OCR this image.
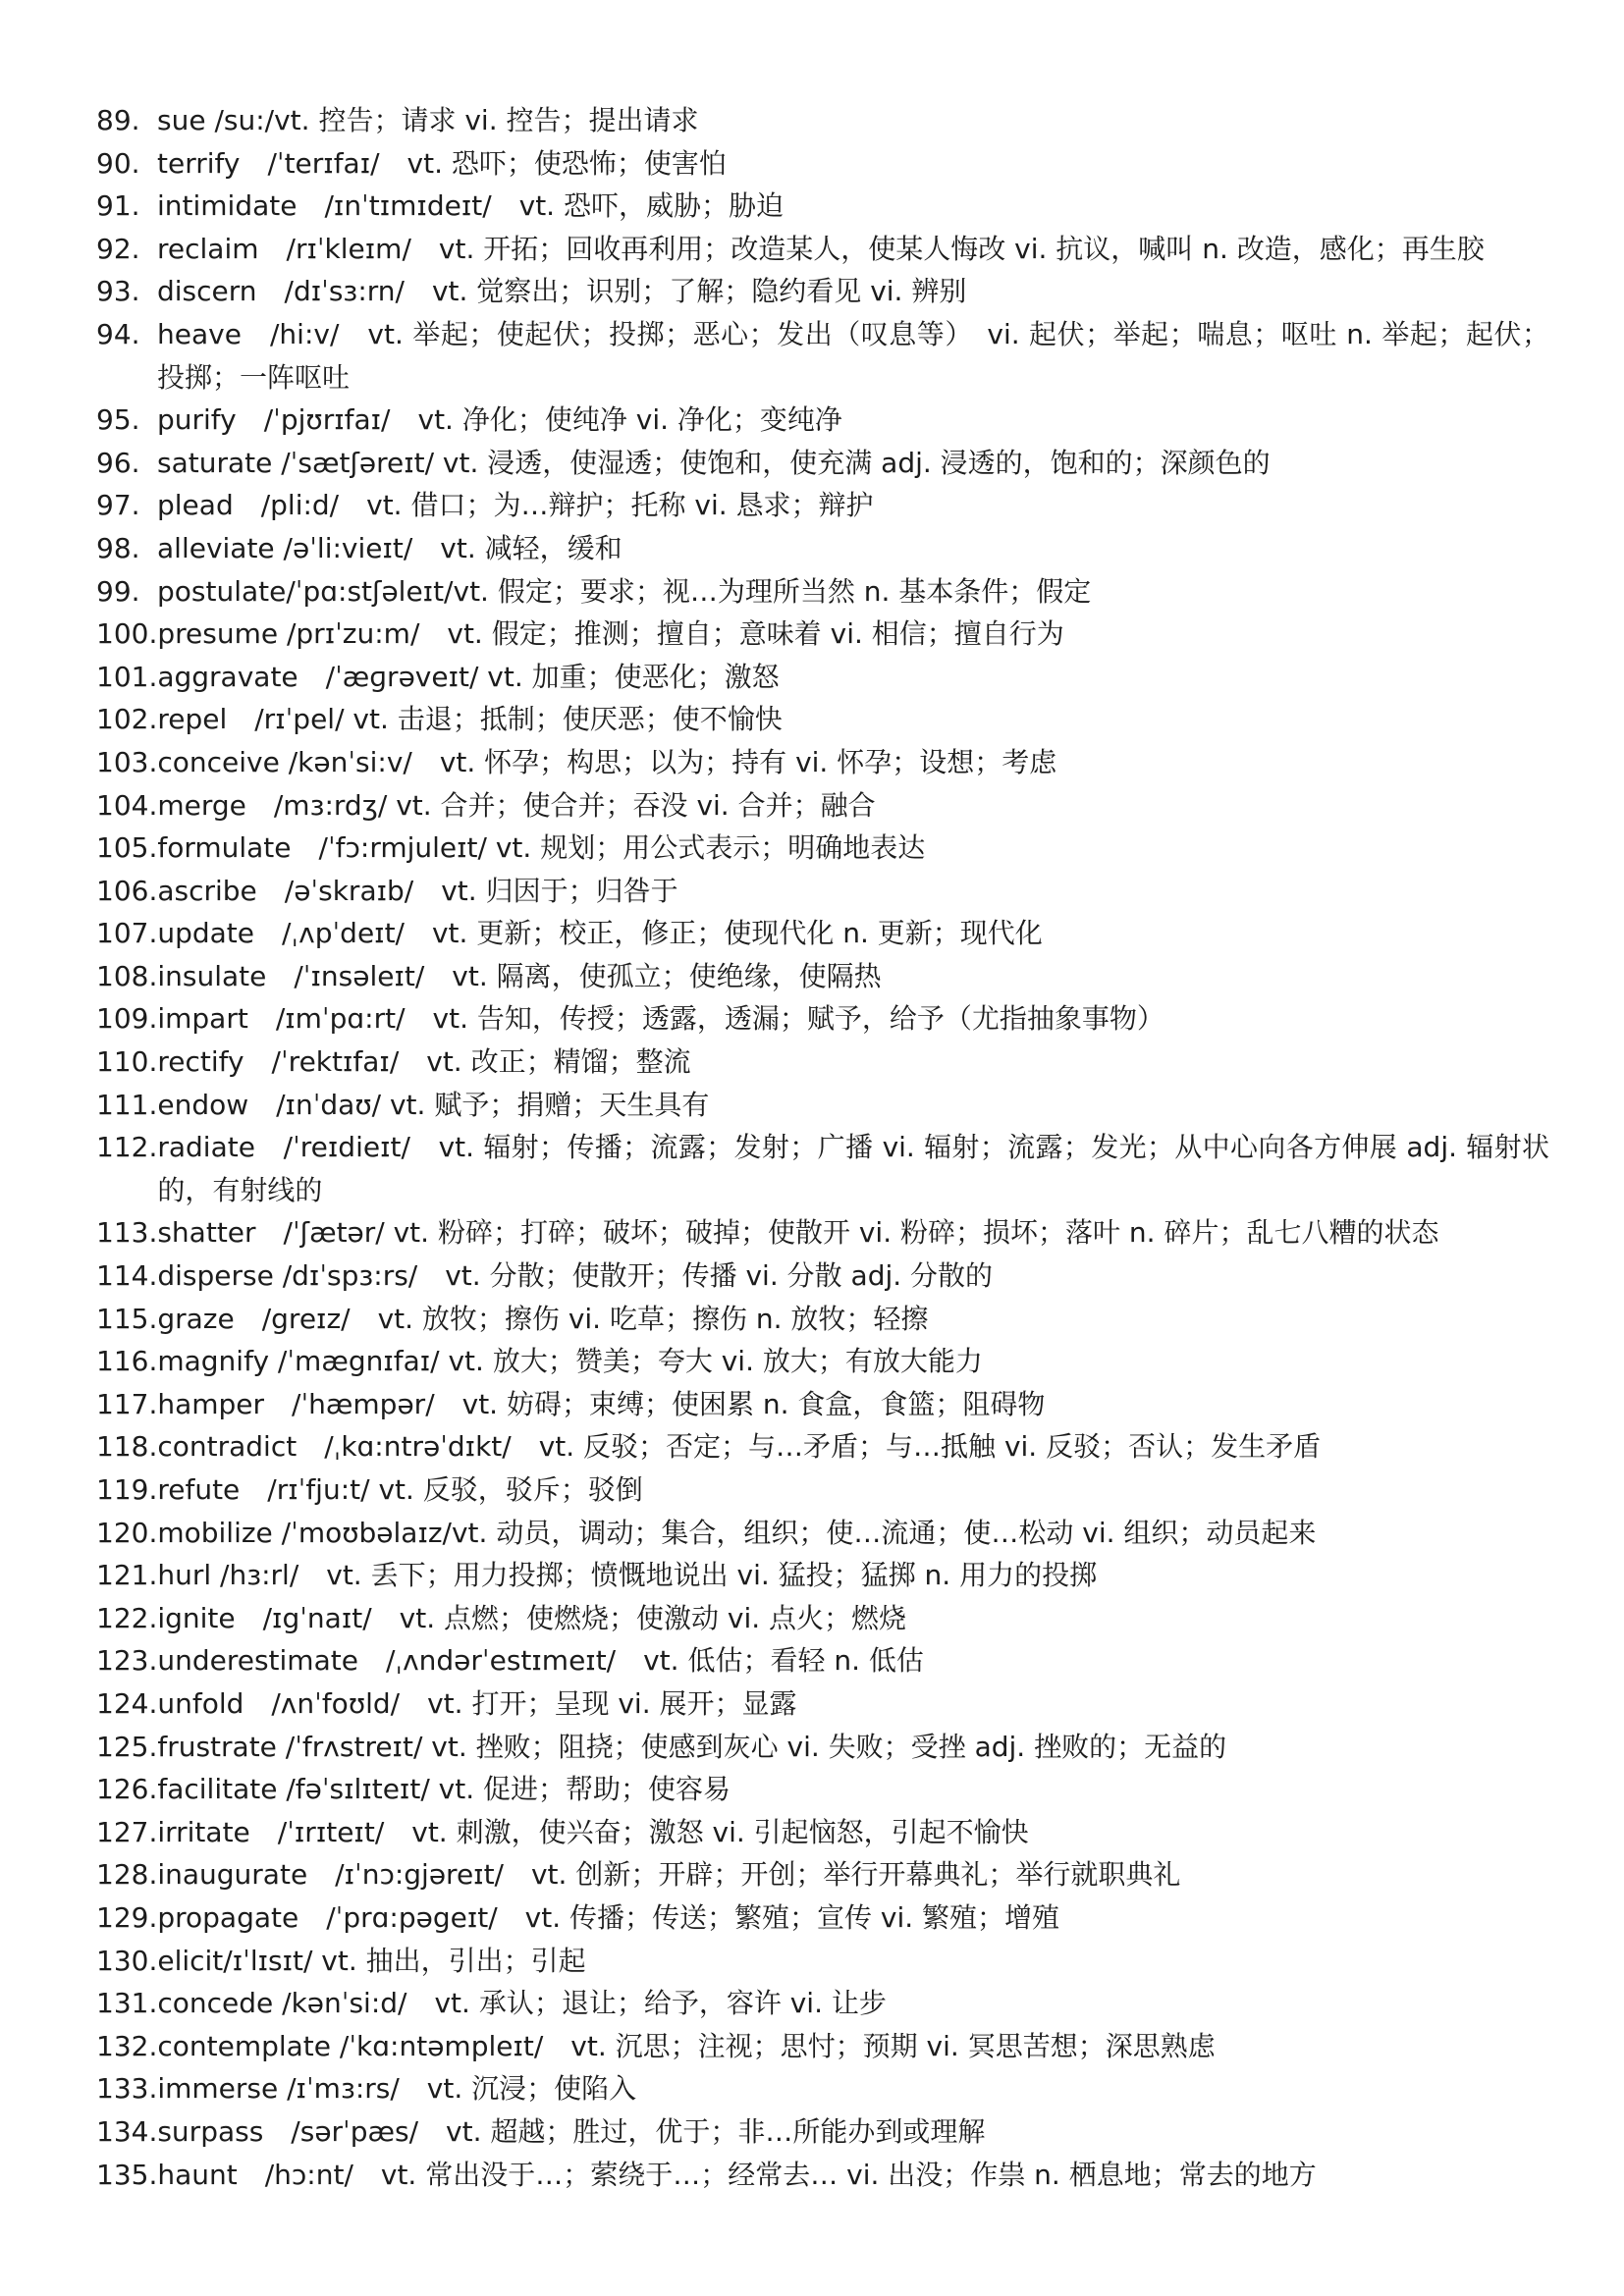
89. sue /su:/vt. 控告；请求 vi. 控告；提出请求
90. terrify　/ˈterɪfaɪ/　vt. 恐吓；使恐怖；使害怕
91. intimidate　/ɪnˈtɪmɪdeɪt/　vt. 恐吓，威胁；胁迫
92. reclaim　/rɪˈkleɪm/　vt. 开拓；回收再利用；改造某人，使某人悔改 vi. 抗议，喊叫 n. 改造，感化；再生胶
93. discern　/dɪˈsɜ:rn/　vt. 觉察出；识别；了解；隐约看见 vi. 辨别
94. heave　/hi:v/　vt. 举起；使起伏；投掷；恶心；发出（叹息等）　vi. 起伏；举起；喘息；呕吐 n. 举起；起伏；投掷；一阵呕吐
95. purify　/ˈpjʊrɪfaɪ/　vt. 净化；使纯净 vi. 净化；变纯净
96. saturate /ˈsætʃəreɪt/ vt. 浸透，使湿透；使饱和，使充满 adj. 浸透的，饱和的；深颜色的
97. plead　/pli:d/　vt. 借口；为…辩护；托称 vi. 恳求；辩护
98. alleviate /əˈli:vieɪt/　vt. 减轻，缓和
99. postulate/ˈpɑ:stʃəleɪt/vt. 假定；要求；视…为理所当然 n. 基本条件；假定
100. presume /prɪˈzu:m/　vt. 假定；推测；擅自；意味着 vi. 相信；擅自行为
101. aggravate　/ˈæɡrəveɪt/ vt. 加重；使恶化；激怒
102. repel　/rɪˈpel/ vt. 击退；抵制；使厌恶；使不愉快
103. conceive /kənˈsi:v/　vt. 怀孕；构思；以为；持有 vi. 怀孕；设想；考虑
104. merge　/mɜ:rdʒ/ vt. 合并；使合并；吞没 vi. 合并；融合
105. formulate　/ˈfɔ:rmjuleɪt/ vt. 规划；用公式表示；明确地表达
106. ascribe　/əˈskraɪb/　vt. 归因于；归咎于
107. update　/ˌʌpˈdeɪt/　vt. 更新；校正，修正；使现代化 n. 更新；现代化
108. insulate　/ˈɪnsəleɪt/　vt. 隔离，使孤立；使绝缘，使隔热
109. impart　/ɪmˈpɑ:rt/　vt. 告知，传授；透露，透漏；赋予，给予（尤指抽象事物）
110. rectify　/ˈrektɪfaɪ/　vt. 改正；精馏；整流
111. endow　/ɪnˈdaʊ/ vt. 赋予；捐赠；天生具有
112. radiate　/ˈreɪdieɪt/　vt. 辐射；传播；流露；发射；广播 vi. 辐射；流露；发光；从中心向各方伸展 adj. 辐射状的，有射线的
113. shatter　/ˈʃætər/ vt. 粉碎；打碎；破坏；破掉；使散开 vi. 粉碎；损坏；落叶 n. 碎片；乱七八糟的状态
114. disperse /dɪˈspɜ:rs/　vt. 分散；使散开；传播 vi. 分散 adj. 分散的
115. graze　/greɪz/　vt. 放牧；擦伤 vi. 吃草；擦伤 n. 放牧；轻擦
116. magnify /ˈmægnɪfaɪ/ vt. 放大；赞美；夸大 vi. 放大；有放大能力
117. hamper　/ˈhæmpər/　vt. 妨碍；束缚；使困累 n. 食盒，食篮；阻碍物
118. contradict　/ˌkɑ:ntrəˈdɪkt/　vt. 反驳；否定；与…矛盾；与…抵触 vi. 反驳；否认；发生矛盾
119. refute　/rɪˈfju:t/ vt. 反驳，驳斥；驳倒
120. mobilize /ˈmoʊbəlaɪz/vt. 动员，调动；集合，组织；使…流通；使…松动 vi. 组织；动员起来
121. hurl /hɜ:rl/　vt. 丢下；用力投掷；愤慨地说出 vi. 猛投；猛掷 n. 用力的投掷
122. ignite　/ɪgˈnaɪt/　vt. 点燃；使燃烧；使激动 vi. 点火；燃烧
123. underestimate　/ˌʌndərˈestɪmeɪt/　vt. 低估；看轻 n. 低估
124. unfold　/ʌnˈfoʊld/　vt. 打开；呈现 vi. 展开；显露
125. frustrate /ˈfrʌstreɪt/ vt. 挫败；阻挠；使感到灰心 vi. 失败；受挫 adj. 挫败的；无益的
126. facilitate /fəˈsɪlɪteɪt/ vt. 促进；帮助；使容易
127. irritate　/ˈɪrɪteɪt/　vt. 刺激，使兴奋；激怒 vi. 引起恼怒，引起不愉快
128. inaugurate　/ɪˈnɔ:gjəreɪt/　vt. 创新；开辟；开创；举行开幕典礼；举行就职典礼
129. propagate　/ˈprɑ:pəgeɪt/　vt. 传播；传送；繁殖；宣传 vi. 繁殖；增殖
130. elicit/ɪˈlɪsɪt/ vt. 抽出，引出；引起
131. concede /kənˈsi:d/　vt. 承认；退让；给予，容许 vi. 让步
132. contemplate /ˈkɑ:ntəmpleɪt/　vt. 沉思；注视；思忖；预期 vi. 冥思苦想；深思熟虑
133. immerse /ɪˈmɜ:rs/　vt. 沉浸；使陷入
134. surpass　/sərˈpæs/　vt. 超越；胜过，优于；非…所能办到或理解
135. haunt　/hɔ:nt/　vt. 常出没于…；萦绕于…；经常去… vi. 出没；作祟 n. 栖息地；常去的地方
